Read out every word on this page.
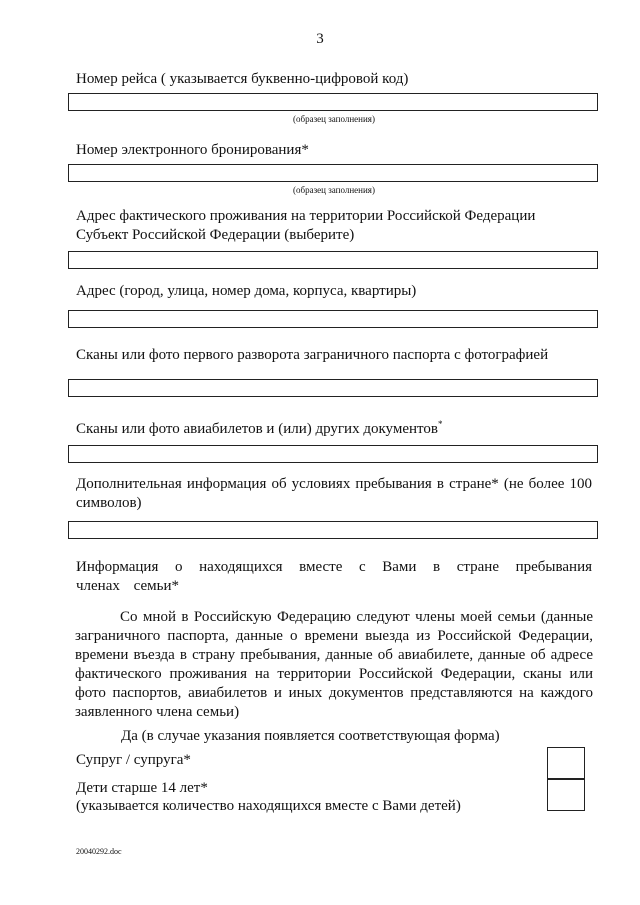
3
Номер рейса ( указывается буквенно-цифровой код)
(образец заполнения)
Номер электронного бронирования*
(образец заполнения)
Адрес фактического проживания на территории Российской Федерации
Субъект Российской Федерации (выберите)
Адрес (город, улица, номер дома, корпуса, квартиры)
Сканы или фото первого разворота заграничного паспорта с фотографией
Сканы или фото авиабилетов и (или) других документов*
Дополнительная информация об условиях пребывания в стране* (не более 100 символов)
Информация о находящихся вместе с Вами в стране пребывания членах семьи*
Со мной в Российскую Федерацию следуют члены моей семьи (данные заграничного паспорта, данные о времени выезда из Российской Федерации, времени въезда в страну пребывания, данные об авиабилете, данные об адресе фактического проживания на территории Российской Федерации, сканы или фото паспортов, авиабилетов и иных документов представляются на каждого заявленного члена семьи)
Да (в случае указания появляется соответствующая форма)
Супруг / супруга*
Дети старше 14 лет*
(указывается количество находящихся вместе с Вами детей)
20040292.doc
